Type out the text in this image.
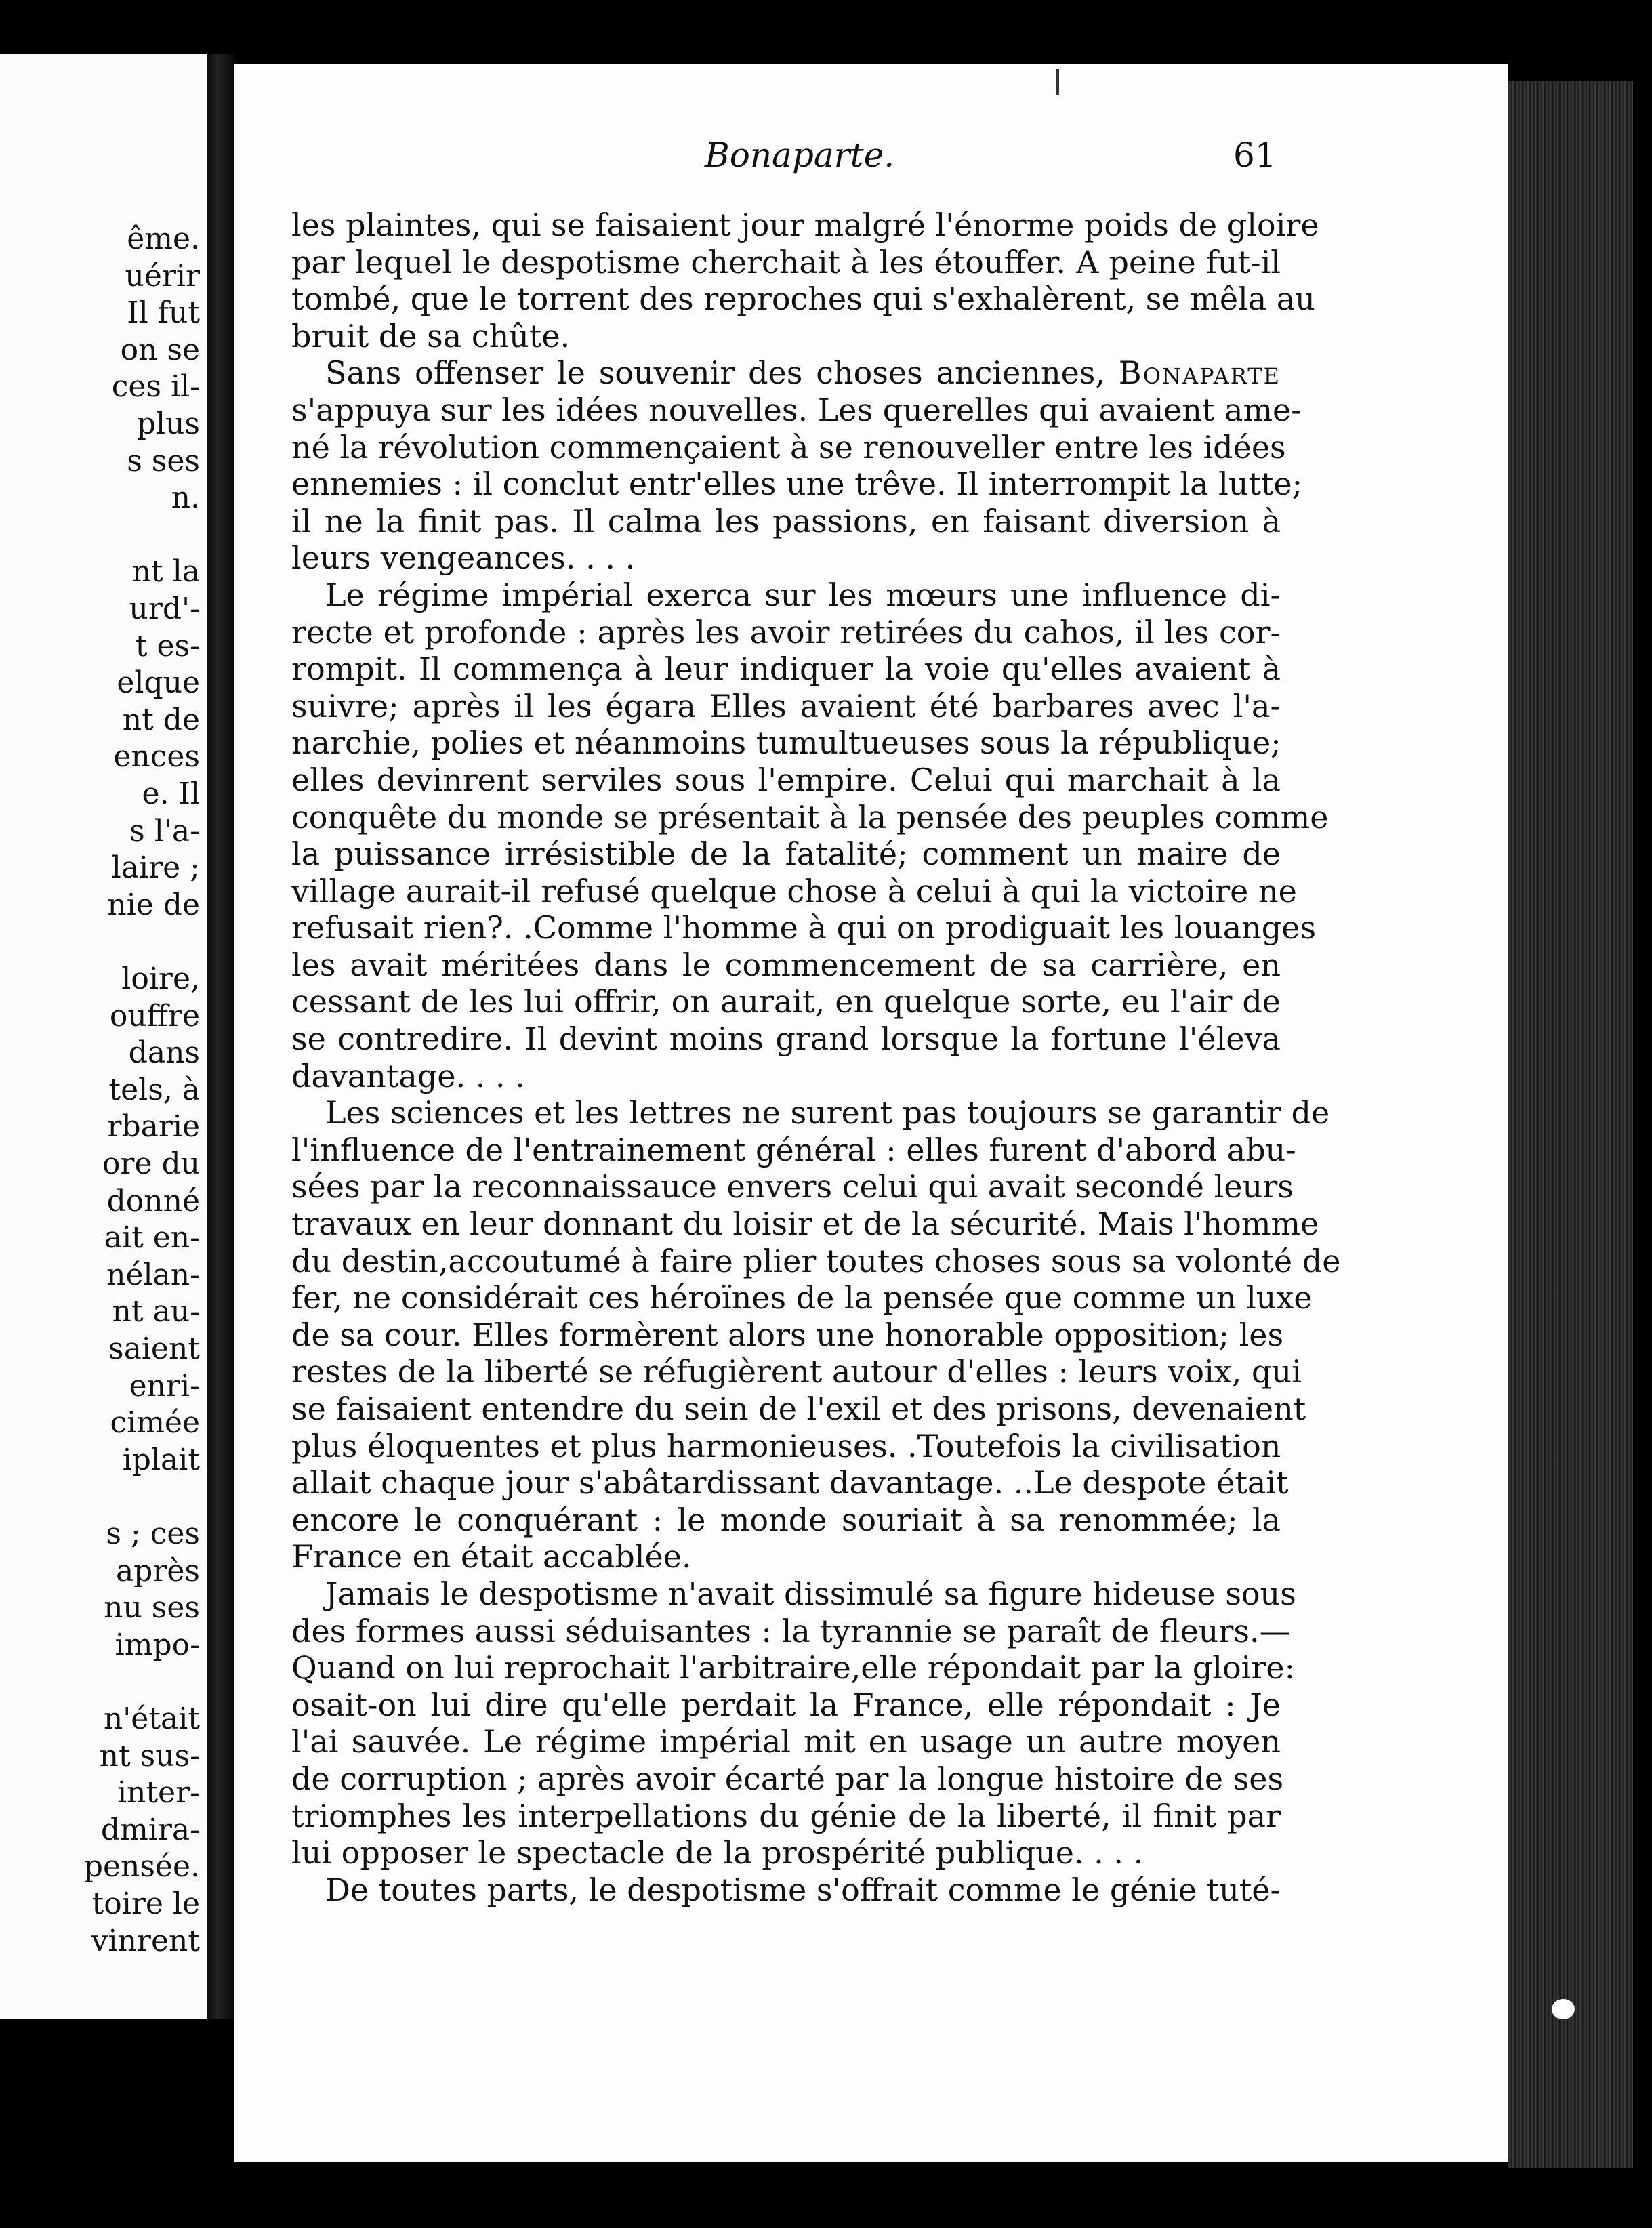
ême.
uérir
Il fut
on se
ces il-
plus
s ses
n.
nt la
urd'-
t es-
elque
nt de
ences
e. Il
s l'a-
laire ;
nie de
loire,
ouffre
dans
tels, à
rbarie
ore du
donné
ait en-
nélan-
nt au-
saient
enri-
cimée
iplait
s ; ces
après
nu ses
impo-
n'était
nt sus-
inter-
dmira-
pensée.
toire le
vinrent
Bonaparte.	61
les plaintes, qui se faisaient jour malgré l'énorme poids de gloire
par lequel le despotisme cherchait à les étouffer. A peine fut-il
tombé, que le torrent des reproches qui s'exhalèrent, se mêla au
bruit de sa chûte.
Sans offenser le souvenir des choses anciennes, Bonaparte
s'appuya sur les idées nouvelles. Les querelles qui avaient ame-
né la révolution commençaient à se renouveller entre les idées
ennemies : il conclut entr'elles une trêve. Il interrompit la lutte;
il ne la finit pas. Il calma les passions, en faisant diversion à
leurs vengeances. . . .
Le régime impérial exerca sur les mœurs une influence di-
recte et profonde : après les avoir retirées du cahos, il les cor-
rompit. Il commença à leur indiquer la voie qu'elles avaient à
suivre; après il les égara Elles avaient été barbares avec l'a-
narchie, polies et néanmoins tumultueuses sous la république;
elles devinrent serviles sous l'empire. Celui qui marchait à la
conquête du monde se présentait à la pensée des peuples comme
la puissance irrésistible de la fatalité; comment un maire de
village aurait-il refusé quelque chose à celui à qui la victoire ne
refusait rien?. .Comme l'homme à qui on prodiguait les louanges
les avait méritées dans le commencement de sa carrière, en
cessant de les lui offrir, on aurait, en quelque sorte, eu l'air de
se contredire. Il devint moins grand lorsque la fortune l'éleva
davantage. . . .
Les sciences et les lettres ne surent pas toujours se garantir de
l'influence de l'entrainement général : elles furent d'abord abu-
sées par la reconnaissauce envers celui qui avait secondé leurs
travaux en leur donnant du loisir et de la sécurité. Mais l'homme
du destin,accoutumé à faire plier toutes choses sous sa volonté de
fer, ne considérait ces héroïnes de la pensée que comme un luxe
de sa cour. Elles formèrent alors une honorable opposition; les
restes de la liberté se réfugièrent autour d'elles : leurs voix, qui
se faisaient entendre du sein de l'exil et des prisons, devenaient
plus éloquentes et plus harmonieuses. .Toutefois la civilisation
allait chaque jour s'abâtardissant davantage. ..Le despote était
encore le conquérant : le monde souriait à sa renommée; la
France en était accablée.
Jamais le despotisme n'avait dissimulé sa figure hideuse sous
des formes aussi séduisantes : la tyrannie se paraît de fleurs.—
Quand on lui reprochait l'arbitraire,elle répondait par la gloire:
osait-on lui dire qu'elle perdait la France, elle répondait : Je
l'ai sauvée. Le régime impérial mit en usage un autre moyen
de corruption ; après avoir écarté par la longue histoire de ses
triomphes les interpellations du génie de la liberté, il finit par
lui opposer le spectacle de la prospérité publique. . . .
De toutes parts, le despotisme s'offrait comme le génie tuté-
